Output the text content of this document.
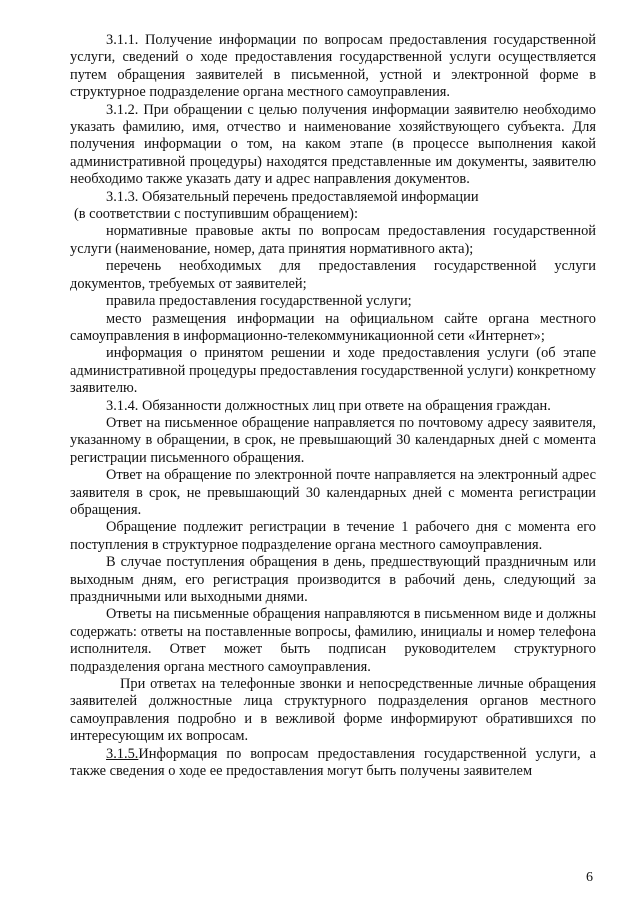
3.1.1. Получение информации по вопросам предоставления государственной услуги, сведений о ходе предоставления государственной услуги осуществляется путем обращения заявителей в письменной, устной и электронной форме в структурное подразделение органа местного самоуправления.

3.1.2. При обращении с целью получения информации заявителю необходимо указать фамилию, имя, отчество и наименование хозяйствующего субъекта. Для получения информации о том, на каком этапе (в процессе выполнения какой административной процедуры) находятся представленные им документы, заявителю необходимо также указать дату и адрес направления документов.

3.1.3. Обязательный перечень предоставляемой информации

(в соответствии с поступившим обращением):

нормативные правовые акты по вопросам предоставления государственной услуги (наименование, номер, дата принятия нормативного акта);

перечень необходимых для предоставления государственной услуги документов, требуемых от заявителей;

правила предоставления государственной услуги;

место размещения информации на официальном сайте органа местного самоуправления в информационно-телекоммуникационной сети «Интернет»;

информация о принятом решении и ходе предоставления услуги (об этапе административной процедуры предоставления государственной услуги) конкретному заявителю.

3.1.4. Обязанности должностных лиц при ответе на обращения граждан.

Ответ на письменное обращение направляется по почтовому адресу заявителя, указанному в обращении, в срок, не превышающий 30 календарных дней с момента регистрации письменного обращения.

Ответ на обращение по электронной почте направляется на электронный адрес заявителя в срок, не превышающий 30 календарных дней с момента регистрации обращения.

Обращение подлежит регистрации в течение 1 рабочего дня с момента его поступления в структурное подразделение органа местного самоуправления.

В случае поступления обращения в день, предшествующий праздничным или выходным дням, его регистрация производится в рабочий день, следующий за праздничными или выходными днями.

Ответы на письменные обращения направляются в письменном виде и должны содержать: ответы на поставленные вопросы, фамилию, инициалы и номер телефона исполнителя. Ответ может быть подписан руководителем структурного подразделения органа местного самоуправления.

При ответах на телефонные звонки и непосредственные личные обращения заявителей должностные лица структурного подразделения органов местного самоуправления подробно и в вежливой форме информируют обратившихся по интересующим их вопросам.

3.1.5.Информация по вопросам предоставления государственной услуги, а также сведения о ходе ее предоставления могут быть получены заявителем

6
